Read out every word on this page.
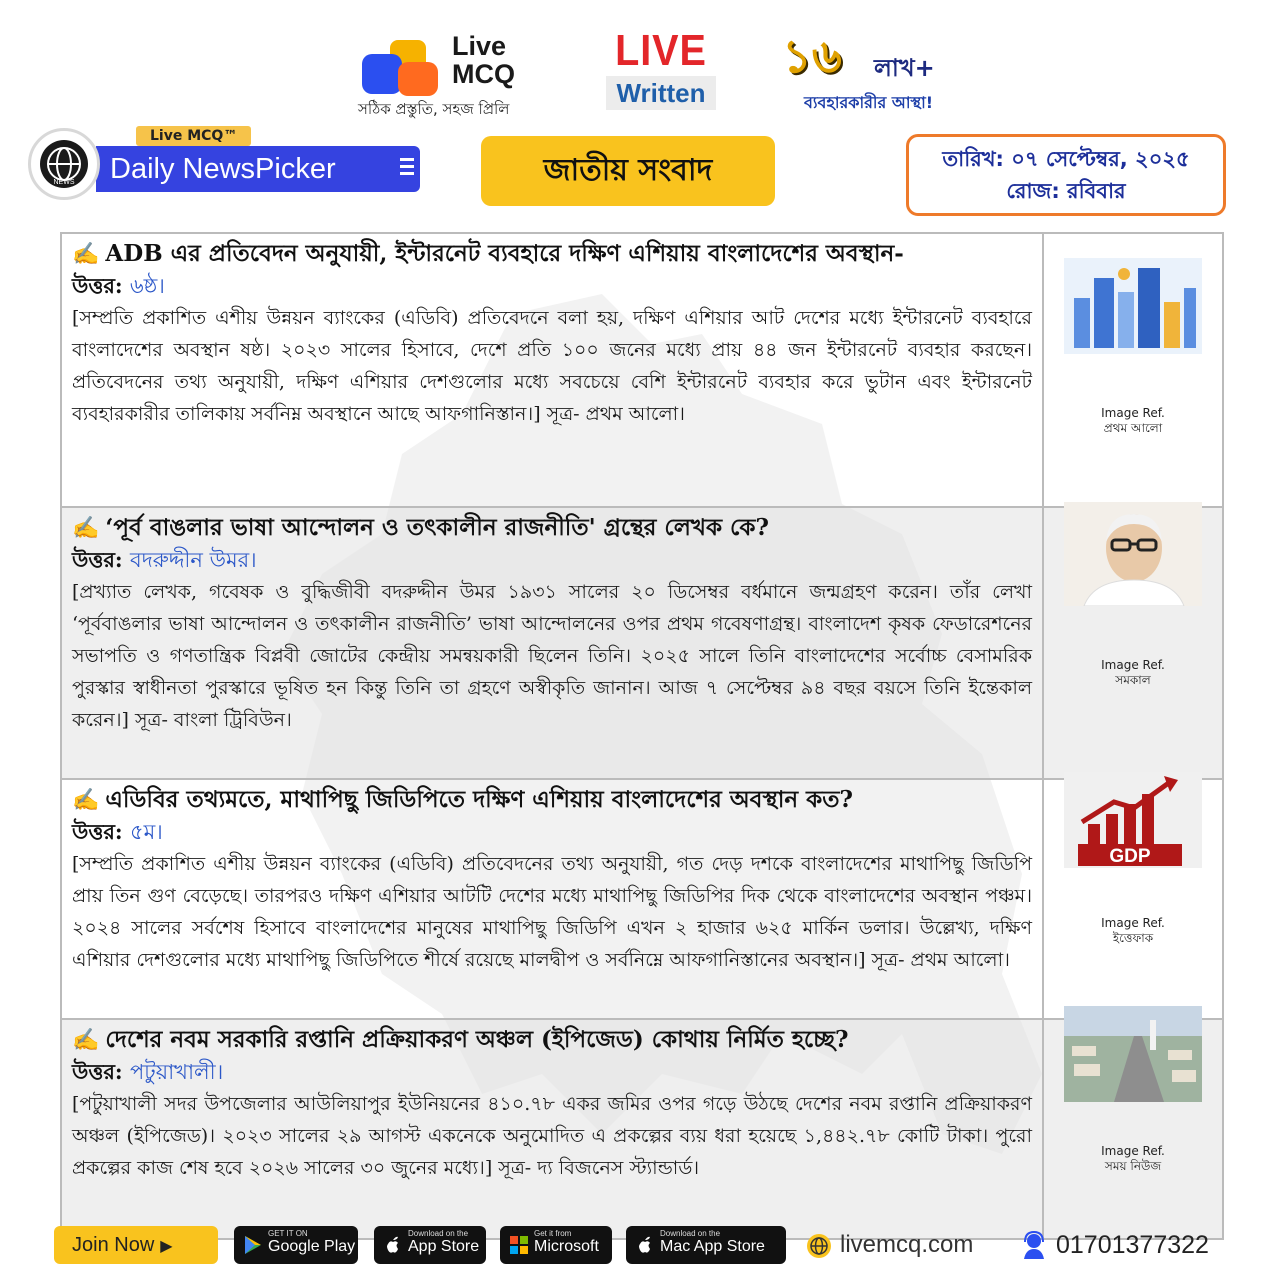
Live
MCQ
সঠিক প্রস্তুতি, সহজ প্রিলি
LIVE
Written
১৬ লাখ+
ব্যবহারকারীর আস্থা!
Daily NewsPicker
Live MCQ™
NEWS	জাতীয় সংবাদ	তারিখ: ০৭ সেপ্টেম্বর, ২০২৫
রোজ: রবিবার
✍ ADB এর প্রতিবেদন অনুযায়ী, ইন্টারনেট ব্যবহারে দক্ষিণ এশিয়ায় বাংলাদেশের অবস্থান-
উত্তর: ৬ষ্ঠ।
[সম্প্রতি প্রকাশিত এশীয় উন্নয়ন ব্যাংকের (এডিবি) প্রতিবেদনে বলা হয়, দক্ষিণ এশিয়ার আট দেশের মধ্যে ইন্টারনেট ব্যবহারে বাংলাদেশের অবস্থান ষষ্ঠ। ২০২৩ সালের হিসাবে, দেশে প্রতি ১০০ জনের মধ্যে প্রায় ৪৪ জন ইন্টারনেট ব্যবহার করছেন। প্রতিবেদনের তথ্য অনুযায়ী, দক্ষিণ এশিয়ার দেশগুলোর মধ্যে সবচেয়ে বেশি ইন্টারনেট ব্যবহার করে ভুটান এবং ইন্টারনেট ব্যবহারকারীর তালিকায় সর্বনিম্ন অবস্থানে আছে আফগানিস্তান।] সূত্র- প্রথম আলো।	Image Ref.
প্রথম আলো
✍ ‘পূর্ব বাঙলার ভাষা আন্দোলন ও তৎকালীন রাজনীতি' গ্রন্থের লেখক কে?
উত্তর: বদরুদ্দীন উমর।
[প্রখ্যাত লেখক, গবেষক ও বুদ্ধিজীবী বদরুদ্দীন উমর ১৯৩১ সালের ২০ ডিসেম্বর বর্ধমানে জন্মগ্রহণ করেন। তাঁর লেখা ‘পূর্ববাঙলার ভাষা আন্দোলন ও তৎকালীন রাজনীতি’ ভাষা আন্দোলনের ওপর প্রথম গবেষণাগ্রন্থ। বাংলাদেশ কৃষক ফেডারেশনের সভাপতি ও গণতান্ত্রিক বিপ্লবী জোটের কেন্দ্রীয় সমন্বয়কারী ছিলেন তিনি। ২০২৫ সালে তিনি বাংলাদেশের সর্বোচ্চ বেসামরিক পুরস্কার স্বাধীনতা পুরস্কারে ভূষিত হন কিন্তু তিনি তা গ্রহণে অস্বীকৃতি জানান। আজ ৭ সেপ্টেম্বর ৯৪ বছর বয়সে তিনি ইন্তেকাল করেন।] সূত্র- বাংলা ট্রিবিউন।
Image Ref.
সমকাল
✍ এডিবির তথ্যমতে, মাথাপিছু জিডিপিতে দক্ষিণ এশিয়ায় বাংলাদেশের অবস্থান কত?
উত্তর: ৫ম।
[সম্প্রতি প্রকাশিত এশীয় উন্নয়ন ব্যাংকের (এডিবি) প্রতিবেদনের তথ্য অনুযায়ী, গত দেড় দশকে বাংলাদেশের মাথাপিছু জিডিপি প্রায় তিন গুণ বেড়েছে। তারপরও দক্ষিণ এশিয়ার আটটি দেশের মধ্যে মাথাপিছু জিডিপির দিক থেকে বাংলাদেশের অবস্থান পঞ্চম। ২০২৪ সালের সর্বশেষ হিসাবে বাংলাদেশের মানুষের মাথাপিছু জিডিপি এখন ২ হাজার ৬২৫ মার্কিন ডলার। উল্লেখ্য, দক্ষিণ এশিয়ার দেশগুলোর মধ্যে মাথাপিছু জিডিপিতে শীর্ষে রয়েছে মালদ্বীপ ও সর্বনিম্নে আফগানিস্তানের অবস্থান।] সূত্র- প্রথম আলো।
GDP
Image Ref.
ইত্তেফাক
✍ দেশের নবম সরকারি রপ্তানি প্রক্রিয়াকরণ অঞ্চল (ইপিজেড) কোথায় নির্মিত হচ্ছে?
উত্তর: পটুয়াখালী।
[পটুয়াখালী সদর উপজেলার আউলিয়াপুর ইউনিয়নের ৪১০.৭৮ একর জমির ওপর গড়ে উঠছে দেশের নবম রপ্তানি প্রক্রিয়াকরণ অঞ্চল (ইপিজেড)। ২০২৩ সালের ২৯ আগস্ট একনেকে অনুমোদিত এ প্রকল্পের ব্যয় ধরা হয়েছে ১,৪৪২.৭৮ কোটি টাকা। পুরো প্রকল্পের কাজ শেষ হবে ২০২৬ সালের ৩০ জুনের মধ্যে।] সূত্র- দ্য বিজনেস স্ট্যান্ডার্ড।
Image Ref.
সময় নিউজ
Join Now ▶
GET IT ON
Google Play
Download on the
App Store
Get it from
Microsoft
Download on the
Mac App Store	livemcq.com	01701377322
